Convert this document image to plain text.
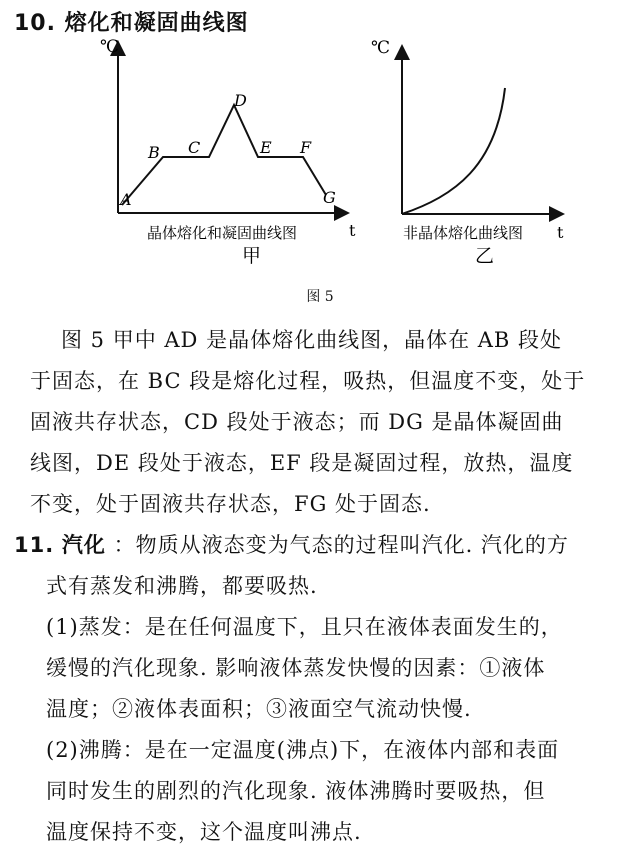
10. 熔化和凝固曲线图
A
B C
D
E F
G
℃
t
晶体熔化和凝固曲线图
甲
℃
t
非晶体熔化曲线图
乙
图 5
图 5 甲中 AD 是晶体熔化曲线图，晶体在 AB 段处
于固态，在 BC 段是熔化过程，吸热，但温度不变，处于
固液共存状态，CD 段处于液态；而 DG 是晶体凝固曲
线图，DE 段处于液态，EF 段是凝固过程，放热，温度
不变，处于固液共存状态，FG 处于固态.
11. 汽化 ：物质从液态变为气态的过程叫汽化. 汽化的方
式有蒸发和沸腾，都要吸热.
(1)蒸发：是在任何温度下，且只在液体表面发生的，
缓慢的汽化现象. 影响液体蒸发快慢的因素：①液体
温度；②液体表面积；③液面空气流动快慢.
(2)沸腾：是在一定温度(沸点)下，在液体内部和表面
同时发生的剧烈的汽化现象. 液体沸腾时要吸热，但
温度保持不变，这个温度叫沸点.
